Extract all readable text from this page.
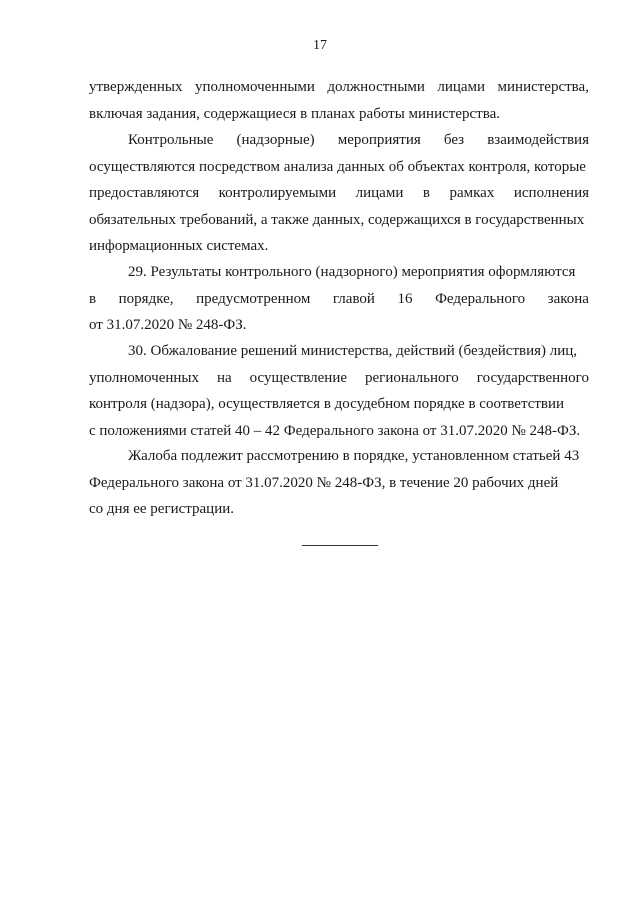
17
утвержденных уполномоченными должностными лицами министерства,
включая задания, содержащиеся в планах работы министерства.
Контрольные (надзорные) мероприятия без взаимодействия
осуществляются посредством анализа данных об объектах контроля, которые
предоставляются контролируемыми лицами в рамках исполнения
обязательных требований, а также данных, содержащихся в государственных
информационных системах.
29. Результаты контрольного (надзорного) мероприятия оформляются
в порядке, предусмотренном главой 16 Федерального закона
от 31.07.2020 № 248-ФЗ.
30. Обжалование решений министерства, действий (бездействия) лиц,
уполномоченных на осуществление регионального государственного
контроля (надзора), осуществляется в досудебном порядке в соответствии
с положениями статей 40 – 42 Федерального закона от 31.07.2020 № 248-ФЗ.
Жалоба подлежит рассмотрению в порядке, установленном статьей 43
Федерального закона от 31.07.2020 № 248-ФЗ, в течение 20 рабочих дней
со дня ее регистрации.
